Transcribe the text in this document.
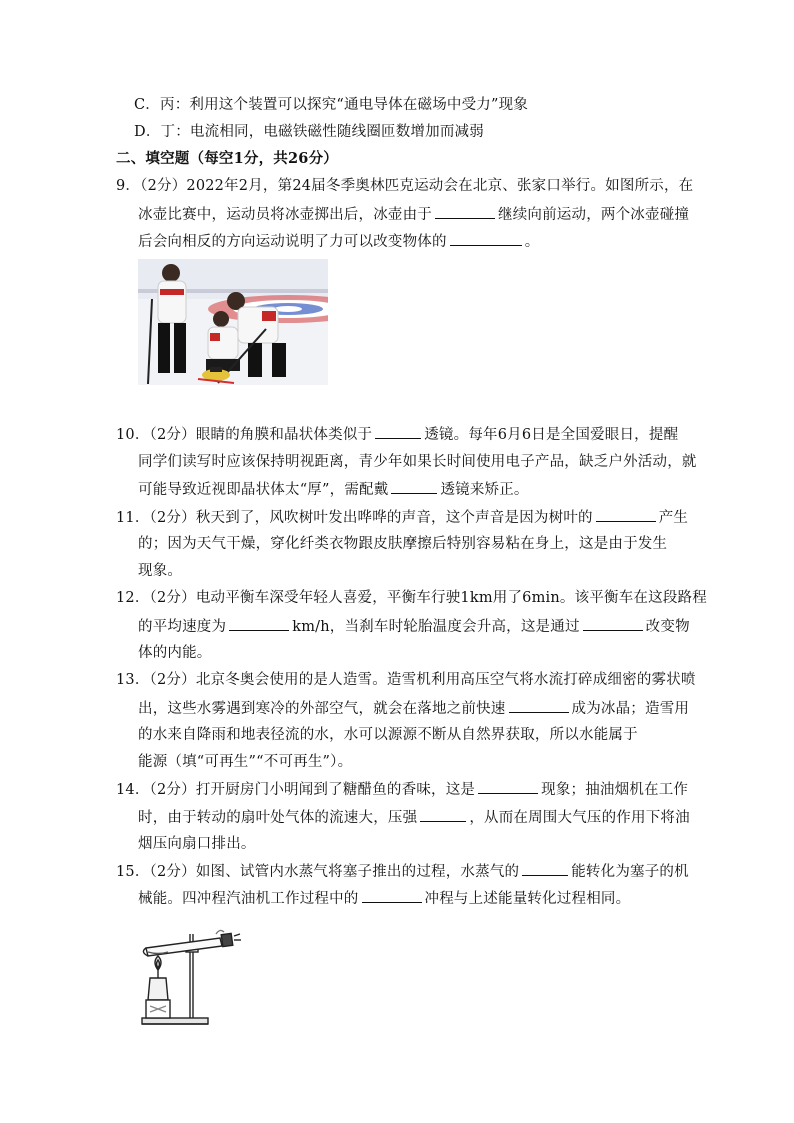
C．丙：利用这个装置可以探究“通电导体在磁场中受力”现象
D．丁：电流相同，电磁铁磁性随线圈匝数增加而减弱
二、填空题（每空1分，共26分）
9．（2分）2022年2月，第24届冬季奥林匹克运动会在北京、张家口举行。如图所示，在
冰壶比赛中，运动员将冰壶掷出后，冰壶由于	继续向前运动，两个冰壶碰撞
后会向相反的方向运动说明了力可以改变物体的	。
10．（2分）眼睛的角膜和晶状体类似于	透镜。每年6月6日是全国爱眼日，提醒
同学们读写时应该保持明视距离，青少年如果长时间使用电子产品，缺乏户外活动，就
可能导致近视即晶状体太“厚”，需配戴	透镜来矫正。
11．（2分）秋天到了，风吹树叶发出哗哗的声音，这个声音是因为树叶的	产生
的；因为天气干燥，穿化纤类衣物跟皮肤摩擦后特别容易粘在身上，这是由于发生
现象。
12．（2分）电动平衡车深受年轻人喜爱，平衡车行驶1km用了6min。该平衡车在这段路程
的平均速度为	km/h，当刹车时轮胎温度会升高，这是通过	改变物
体的内能。
13．（2分）北京冬奥会使用的是人造雪。造雪机利用高压空气将水流打碎成细密的雾状喷
出，这些水雾遇到寒冷的外部空气，就会在落地之前快速	成为冰晶；造雪用
的水来自降雨和地表径流的水，水可以源源不断从自然界获取，所以水能属于
能源（填“可再生”“不可再生”）。
14．（2分）打开厨房门小明闻到了糖醋鱼的香味，这是	现象；抽油烟机在工作
时，由于转动的扇叶处气体的流速大，压强	，从而在周围大气压的作用下将油
烟压向扇口排出。
15．（2分）如图、试管内水蒸气将塞子推出的过程，水蒸气的	能转化为塞子的机
械能。四冲程汽油机工作过程中的	冲程与上述能量转化过程相同。
